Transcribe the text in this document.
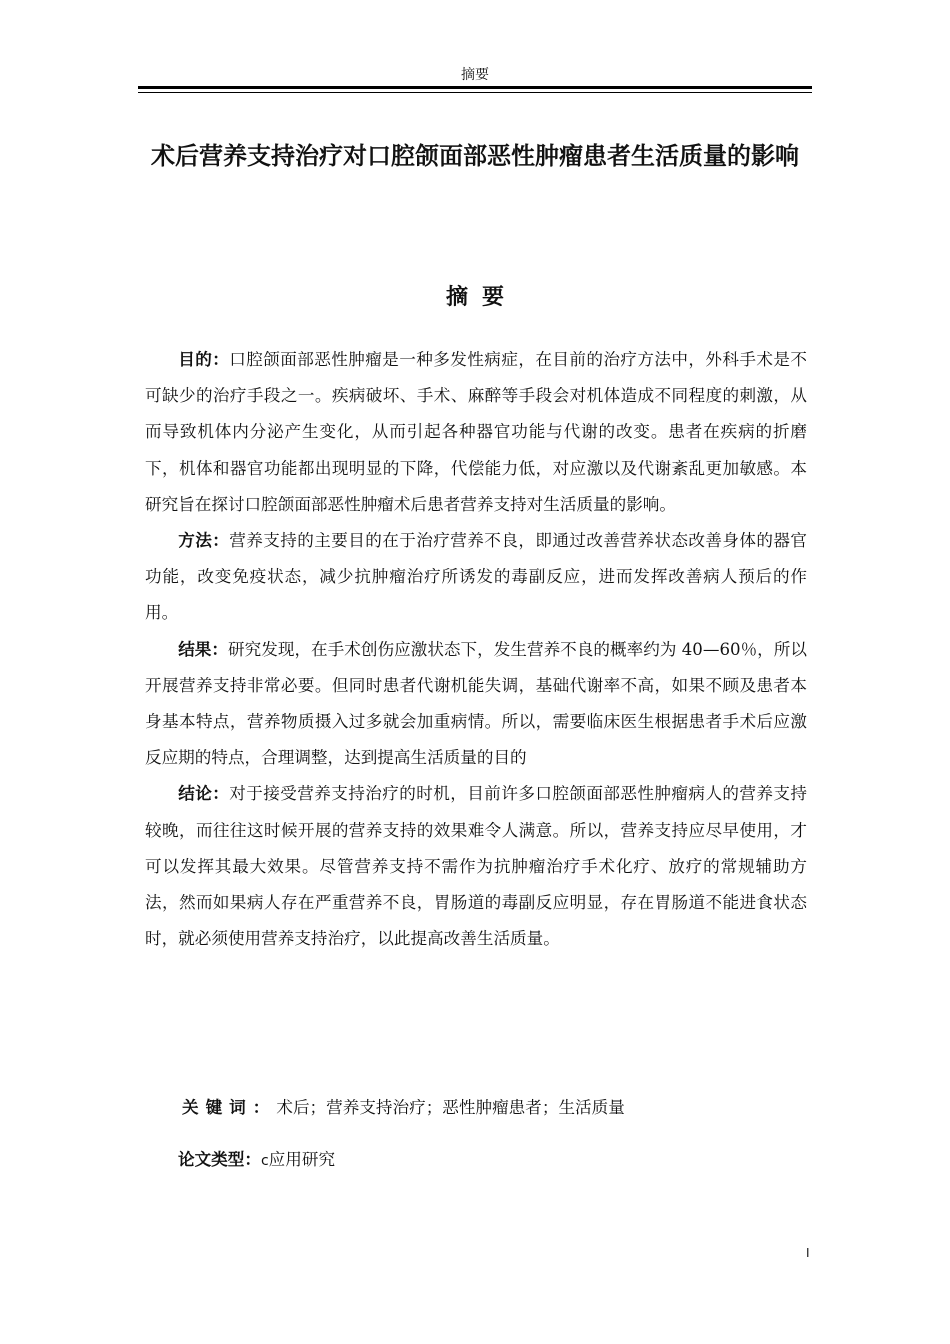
摘要
术后营养支持治疗对口腔颌面部恶性肿瘤患者生活质量的影响
摘要

目的：口腔颌面部恶性肿瘤是一种多发性病症，在目前的治疗方法中，外科手术是不可缺少的治疗手段之一。疾病破坏、手术、麻醉等手段会对机体造成不同程度的刺激，从而导致机体内分泌产生变化，从而引起各种器官功能与代谢的改变。患者在疾病的折磨下，机体和器官功能都出现明显的下降，代偿能力低，对应激以及代谢紊乱更加敏感。本研究旨在探讨口腔颌面部恶性肿瘤术后患者营养支持对生活质量的影响。

方法：营养支持的主要目的在于治疗营养不良，即通过改善营养状态改善身体的器官功能，改变免疫状态，减少抗肿瘤治疗所诱发的毒副反应，进而发挥改善病人预后的作用。

结果：研究发现，在手术创伤应激状态下，发生营养不良的概率约为 40—60％，所以开展营养支持非常必要。但同时患者代谢机能失调，基础代谢率不高，如果不顾及患者本身基本特点，营养物质摄入过多就会加重病情。所以，需要临床医生根据患者手术后应激反应期的特点，合理调整，达到提高生活质量的目的

结论：对于接受营养支持治疗的时机，目前许多口腔颌面部恶性肿瘤病人的营养支持较晚，而往往这时候开展的营养支持的效果难令人满意。所以，营养支持应尽早使用，才可以发挥其最大效果。尽管营养支持不需作为抗肿瘤治疗手术化疗、放疗的常规辅助方法，然而如果病人存在严重营养不良，胃肠道的毒副反应明显，存在胃肠道不能进食状态时，就必须使用营养支持治疗，以此提高改善生活质量。

关键词：术后；营养支持治疗；恶性肿瘤患者；生活质量
论文类型：c应用研究
I
